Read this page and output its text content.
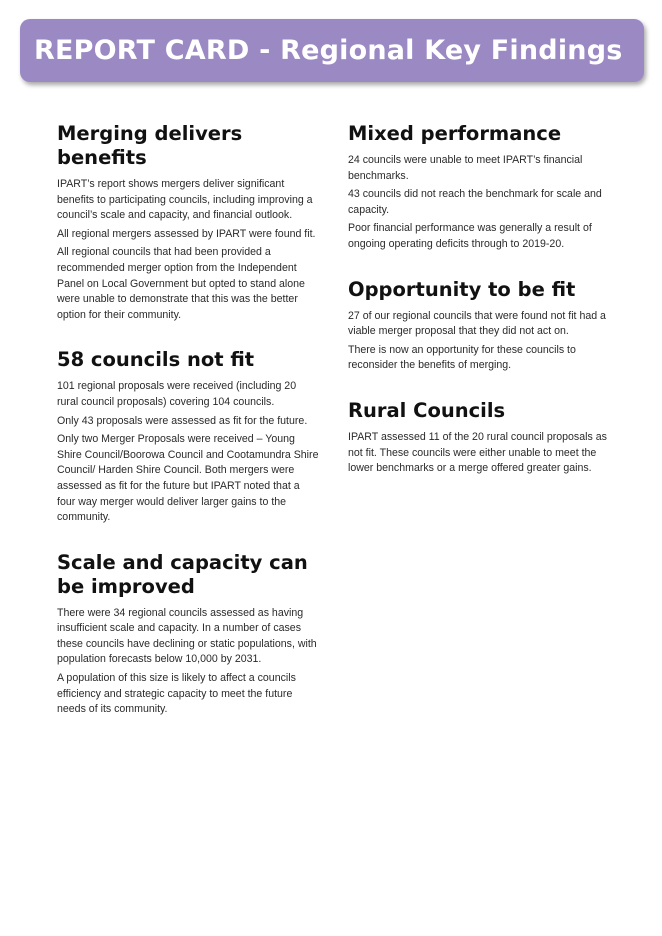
REPORT CARD - Regional Key Findings
Merging delivers benefits

IPART’s report shows mergers deliver significant benefits to participating councils, including improving a council’s scale and capacity, and financial outlook.

All regional mergers assessed by IPART were found fit.

All regional councils that had been provided a recommended merger option from the Independent Panel on Local Government but opted to stand alone were unable to demonstrate that this was the better option for their community.

58 councils not fit

101 regional proposals were received (including 20 rural council proposals) covering 104 councils.

Only 43 proposals were assessed as fit for the future.

Only two Merger Proposals were received – Young Shire Council/Boorowa Council and Cootamundra Shire Council/ Harden Shire Council. Both mergers were assessed as fit for the future but IPART noted that a four way merger would deliver larger gains to the community.

Scale and capacity can be improved

There were 34 regional councils assessed as having insufficient scale and capacity. In a number of cases these councils have declining or static populations, with population forecasts below 10,000 by 2031.

A population of this size is likely to affect a councils efficiency and strategic capacity to meet the future needs of its community.

Mixed performance

24 councils were unable to meet IPART’s financial benchmarks.

43 councils did not reach the benchmark for scale and capacity.

Poor financial performance was generally a result of ongoing operating deficits through to 2019-20.

Opportunity to be fit

27 of our regional councils that were found not fit had a viable merger proposal that they did not act on.

There is now an opportunity for these councils to reconsider the benefits of merging.

Rural Councils

IPART assessed 11 of the 20 rural council proposals as not fit. These councils were either unable to meet the lower benchmarks or a merge offered greater gains.
